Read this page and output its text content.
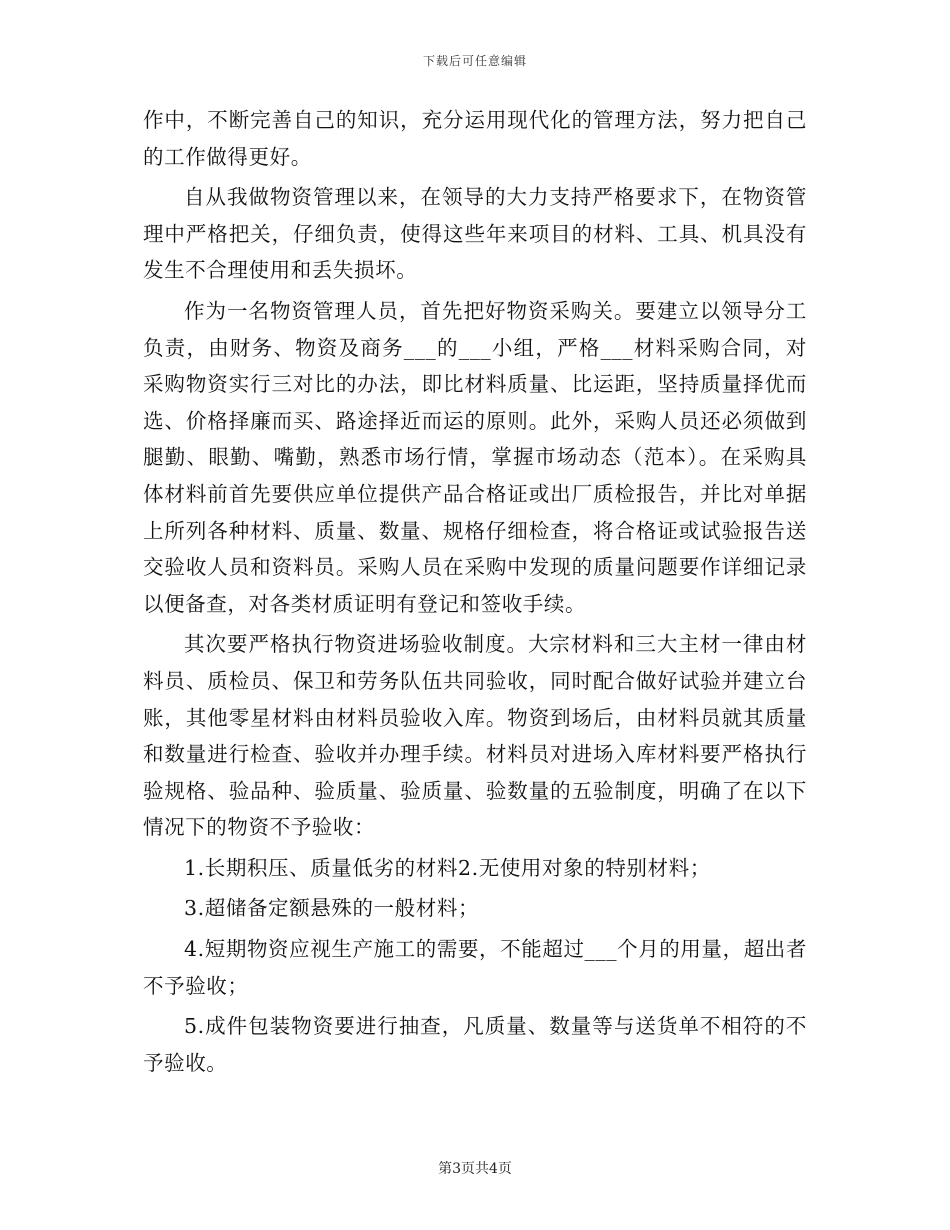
下载后可任意编辑

作中，不断完善自己的知识，充分运用现代化的管理方法，努力把自己的工作做得更好。

自从我做物资管理以来，在领导的大力支持严格要求下，在物资管理中严格把关，仔细负责，使得这些年来项目的材料、工具、机具没有发生不合理使用和丢失损坏。

作为一名物资管理人员，首先把好物资采购关。要建立以领导分工负责，由财务、物资及商务___的___小组，严格___材料采购合同，对采购物资实行三对比的办法，即比材料质量、比运距，坚持质量择优而选、价格择廉而买、路途择近而运的原则。此外，采购人员还必须做到腿勤、眼勤、嘴勤，熟悉市场行情，掌握市场动态（范本）。在采购具体材料前首先要供应单位提供产品合格证或出厂质检报告，并比对单据上所列各种材料、质量、数量、规格仔细检查，将合格证或试验报告送交验收人员和资料员。采购人员在采购中发现的质量问题要作详细记录以便备查，对各类材质证明有登记和签收手续。

其次要严格执行物资进场验收制度。大宗材料和三大主材一律由材料员、质检员、保卫和劳务队伍共同验收，同时配合做好试验并建立台账，其他零星材料由材料员验收入库。物资到场后，由材料员就其质量和数量进行检查、验收并办理手续。材料员对进场入库材料要严格执行验规格、验品种、验质量、验质量、验数量的五验制度，明确了在以下情况下的物资不予验收：

1.长期积压、质量低劣的材料2.无使用对象的特别材料；

3.超储备定额悬殊的一般材料；

4.短期物资应视生产施工的需要，不能超过___个月的用量，超出者不予验收；

5.成件包装物资要进行抽查，凡质量、数量等与送货单不相符的不予验收。

第3页共4页
